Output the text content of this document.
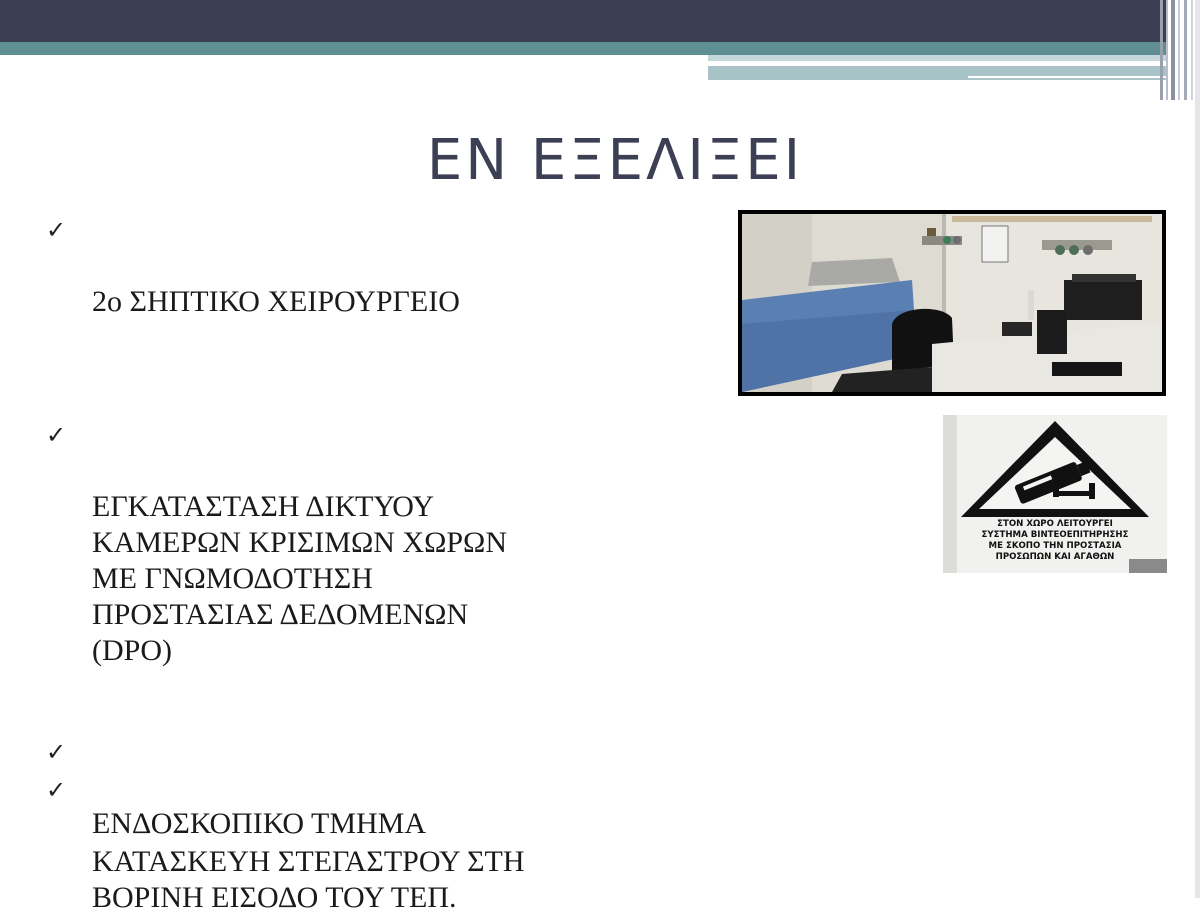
ΕΝ ΕΞΕΛΙΞΕΙ

✓

2ο ΣΗΠΤΙΚΟ ΧΕΙΡΟΥΡΓΕΙΟ

✓

ΕΓΚΑΤΑΣΤΑΣΗ ΔΙΚΤΥΟΥ
ΚΑΜΕΡΩΝ ΚΡΙΣΙΜΩΝ ΧΩΡΩΝ
ΜΕ ΓΝΩΜΟΔΟΤΗΣΗ
ΠΡΟΣΤΑΣΙΑΣ ΔΕΔΟΜΕΝΩΝ
(DPO)

✓

ΕΝΔΟΣΚΟΠΙΚΟ ΤΜΗΜΑ

✓

ΚΑΤΑΣΚΕΥΗ ΣΤΕΓΑΣΤΡΟΥ ΣΤΗ
ΒΟΡΙΝΗ ΕΙΣΟΔΟ ΤΟΥ ΤΕΠ.

ΣΤΟΝ ΧΩΡΟ ΛΕΙΤΟΥΡΓΕΙ
ΣΥΣΤΗΜΑ ΒΙΝΤΕΟΕΠΙΤΗΡΗΣΗΣ
ΜΕ ΣΚΟΠΟ ΤΗΝ ΠΡΟΣΤΑΣΙΑ
ΠΡΟΣΩΠΩΝ ΚΑΙ ΑΓΑΘΩΝ
